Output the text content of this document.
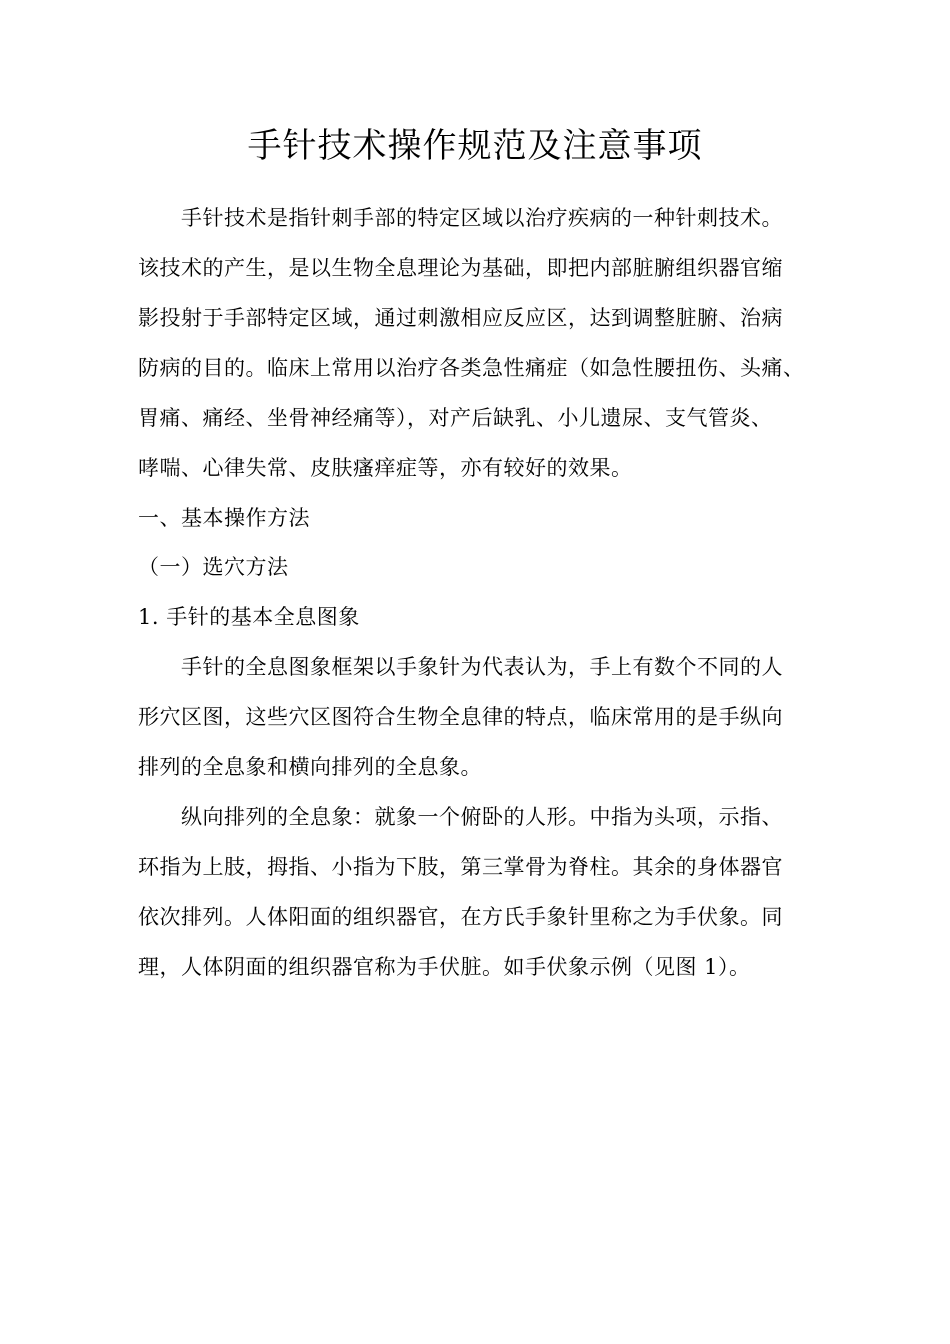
手针技术操作规范及注意事项
手针技术是指针刺手部的特定区域以治疗疾病的一种针刺技术。
该技术的产生，是以生物全息理论为基础，即把内部脏腑组织器官缩
影投射于手部特定区域，通过刺激相应反应区，达到调整脏腑、治病
防病的目的。临床上常用以治疗各类急性痛症（如急性腰扭伤、头痛、
胃痛、痛经、坐骨神经痛等），对产后缺乳、小儿遗尿、支气管炎、
哮喘、心律失常、皮肤瘙痒症等，亦有较好的效果。
一、基本操作方法
（一）选穴方法
1. 手针的基本全息图象
手针的全息图象框架以手象针为代表认为，手上有数个不同的人
形穴区图，这些穴区图符合生物全息律的特点，临床常用的是手纵向
排列的全息象和横向排列的全息象。
纵向排列的全息象：就象一个俯卧的人形。中指为头项，示指、
环指为上肢，拇指、小指为下肢，第三掌骨为脊柱。其余的身体器官
依次排列。人体阳面的组织器官，在方氏手象针里称之为手伏象。同
理，人体阴面的组织器官称为手伏脏。如手伏象示例（见图 1）。
